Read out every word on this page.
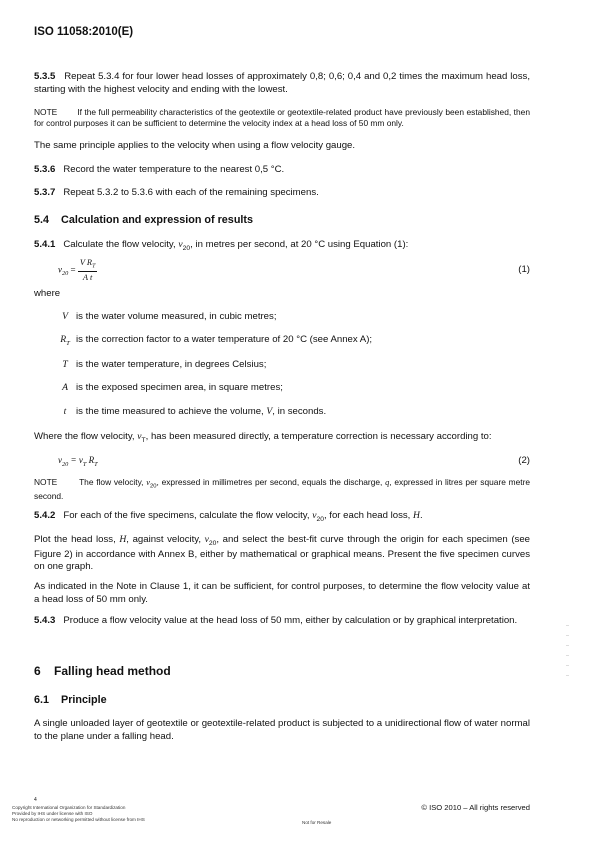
ISO 11058:2010(E)
5.3.5 Repeat 5.3.4 for four lower head losses of approximately 0,8; 0,6; 0,4 and 0,2 times the maximum head loss, starting with the highest velocity and ending with the lowest.
NOTE If the full permeability characteristics of the geotextile or geotextile-related product have previously been established, then for control purposes it can be sufficient to determine the velocity index at a head loss of 50 mm only.
The same principle applies to the velocity when using a flow velocity gauge.
5.3.6 Record the water temperature to the nearest 0,5 °C.
5.3.7 Repeat 5.3.2 to 5.3.6 with each of the remaining specimens.
5.4 Calculation and expression of results
5.4.1 Calculate the flow velocity, $v_{20}$, in metres per second, at 20 °C using Equation (1):
$v_{20} = \frac{V R_T}{\text{A t}}$	(1)
where
V is the water volume measured, in cubic metres;
$R_T$ is the correction factor to a water temperature of 20 °C (see Annex A);
T is the water temperature, in degrees Celsius;
A is the exposed specimen area, in square metres;
t	is the time measured to achieve the volume, V, in seconds.
Where the flow velocity, $v_T$, has been measured directly, a temperature correction is necessary according to:
$v_{20} = v_T$ $R_T$	(2)
NOTE	The flow velocity, $v_{20}$, expressed in millimetres per second, equals the discharge, q, expressed in litres per square metre second.
5.4.2 For each of the five specimens, calculate the flow velocity, $v_{20}$, for each head loss, H.
Plot the head loss, H, against velocity, $v_{20}$, and select the best-fit curve through the origin for each specimen (see Figure 2) in accordance with Annex B, either by mathematical or graphical means. Present the five specimen curves on one graph.
As indicated in the Note in Clause 1, it can be sufficient, for control purposes, to determine the flow velocity value at a head loss of 50 mm only.
5.4.3 Produce a flow velocity value at the head loss of 50 mm, either by calculation or by graphical interpretation.
6 Falling head method
6.1 Principle
A single unloaded layer of geotextile or geotextile-related product is subjected to a unidirectional flow of water normal to the plane under a falling head.
4
Copyright International Organization for Standardization
Provided by IHS under license with ISO
No reproduction or networking permitted without license from IHS
© ISO 2010 – All rights reserved
Not for Resale
